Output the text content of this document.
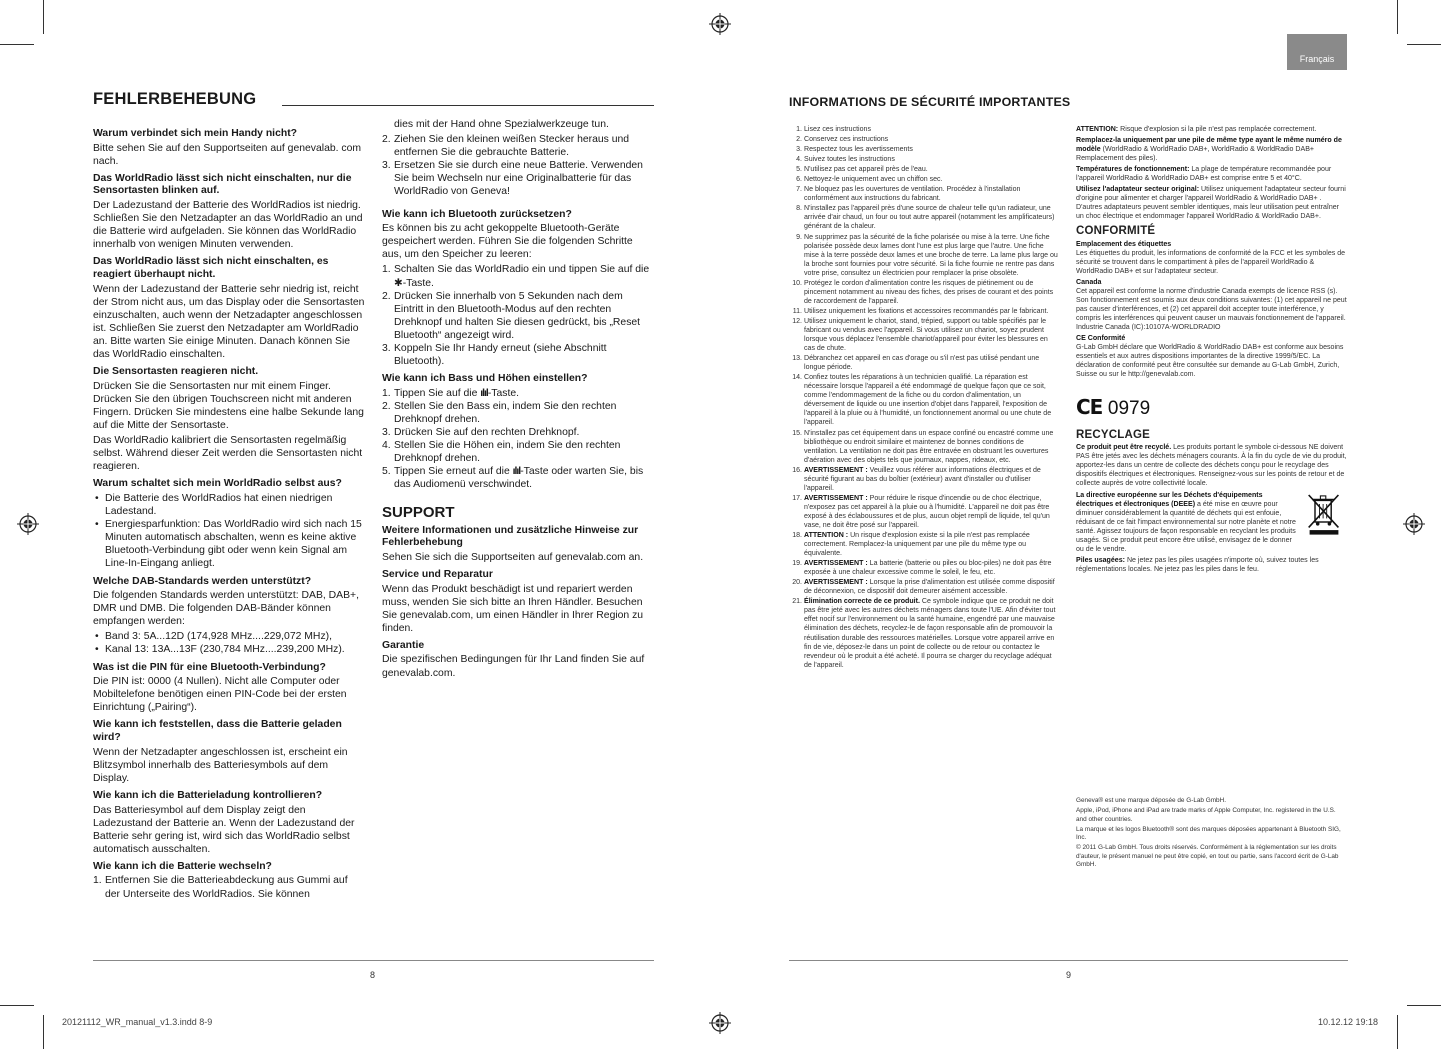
FEHLERBEHEBUNG
Warum verbindet sich mein Handy nicht?

Bitte sehen Sie auf den Supportseiten auf genevalab. com nach.

Das WorldRadio lässt sich nicht einschalten, nur die Sensortasten blinken auf.

Der Ladezustand der Batterie des WorldRadios ist niedrig. Schließen Sie den Netzadapter an das WorldRadio an und die Batterie wird aufgeladen. Sie können das WorldRadio innerhalb von wenigen Minuten verwenden.

Das WorldRadio lässt sich nicht einschalten, es reagiert überhaupt nicht.

Wenn der Ladezustand der Batterie sehr niedrig ist, reicht der Strom nicht aus, um das Display oder die Sensortasten einzuschalten, auch wenn der Netzadapter angeschlossen ist. Schließen Sie zuerst den Netzadapter am WorldRadio an. Bitte warten Sie einige Minuten. Danach können Sie das WorldRadio einschalten.

Die Sensortasten reagieren nicht.

Drücken Sie die Sensortasten nur mit einem Finger. Drücken Sie den übrigen Touchscreen nicht mit anderen Fingern. Drücken Sie mindestens eine halbe Sekunde lang auf die Mitte der Sensortaste.

Das WorldRadio kalibriert die Sensortasten regelmäßig selbst. Während dieser Zeit werden die Sensortasten nicht reagieren.

Warum schaltet sich mein WorldRadio selbst aus?
• Die Batterie des WorldRadios hat einen niedrigen Ladestand.
• Energiesparfunktion: Das WorldRadio wird sich nach 15 Minuten automatisch abschalten, wenn es keine aktive Bluetooth-Verbindung gibt oder wenn kein Signal am Line-In-Eingang anliegt.
Welche DAB-Standards werden unterstützt?

Die folgenden Standards werden unterstützt: DAB, DAB+, DMR und DMB. Die folgenden DAB-Bänder können empfangen werden:

• Band 3: 5A...12D (174,928 MHz....229,072 MHz),
• Kanal 13: 13A...13F (230,784 MHz....239,200 MHz).
Was ist die PIN für eine Bluetooth-Verbindung?

Die PIN ist: 0000 (4 Nullen). Nicht alle Computer oder Mobiltelefone benötigen einen PIN-Code bei der ersten Einrichtung („Pairing“).

Wie kann ich feststellen, dass die Batterie geladen wird?

Wenn der Netzadapter angeschlossen ist, erscheint ein Blitzsymbol innerhalb des Batteriesymbols auf dem Display.

Wie kann ich die Batterieladung kontrollieren?

Das Batteriesymbol auf dem Display zeigt den Ladezustand der Batterie an. Wenn der Ladezustand der Batterie sehr gering ist, wird sich das WorldRadio selbst automatisch ausschalten.

Wie kann ich die Batterie wechseln?
1. Entfernen Sie die Batterieabdeckung aus Gummi auf der Unterseite des WorldRadios. Sie können

dies mit der Hand ohne Spezialwerkzeuge tun.

2. Ziehen Sie den kleinen weißen Stecker heraus und entfernen Sie die gebrauchte Batterie.
3. Ersetzen Sie sie durch eine neue Batterie. Verwenden Sie beim Wechseln nur eine Originalbatterie für das WorldRadio von Geneva!
Wie kann ich Bluetooth zurücksetzen?

Es können bis zu acht gekoppelte Bluetooth-Geräte gespeichert werden. Führen Sie die folgenden Schritte aus, um den Speicher zu leeren:

1. Schalten Sie das WorldRadio ein und tippen Sie auf die ✱-Taste.
2. Drücken Sie innerhalb von 5 Sekunden nach dem Eintritt in den Bluetooth-Modus auf den rechten Drehknopf und halten Sie diesen gedrückt, bis „Reset Bluetooth“ angezeigt wird.
3. Koppeln Sie Ihr Handy erneut (siehe Abschnitt Bluetooth).
Wie kann ich Bass und Höhen einstellen?
1. Tippen Sie auf die ılıl-Taste.
2. Stellen Sie den Bass ein, indem Sie den rechten Drehknopf drehen.
3. Drücken Sie auf den rechten Drehknopf.
4. Stellen Sie die Höhen ein, indem Sie den rechten Drehknopf drehen.
5. Tippen Sie erneut auf die ılıl-Taste oder warten Sie, bis das Audiomenü verschwindet.
SUPPORT
Weitere Informationen und zusätzliche Hinweise zur Fehlerbehebung

Sehen Sie sich die Supportseiten auf genevalab.com an.

Service und Reparatur

Wenn das Produkt beschädigt ist und repariert werden muss, wenden Sie sich bitte an Ihren Händler. Besuchen Sie genevalab.com, um einen Händler in Ihrer Region zu finden.

Garantie

Die spezifischen Bedingungen für Ihr Land finden Sie auf genevalab.com.

8
Français
INFORMATIONS DE SÉCURITÉ IMPORTANTES
1. Lisez ces instructions
2. Conservez ces instructions
3. Respectez tous les avertissements
4. Suivez toutes les instructions
5. N'utilisez pas cet appareil près de l'eau.
6. Nettoyez-le uniquement avec un chiffon sec.
7. Ne bloquez pas les ouvertures de ventilation. Procédez à l'installation conformément aux instructions du fabricant.
8. N'installez pas l'appareil près d'une source de chaleur telle qu'un radiateur, une arrivée d'air chaud, un four ou tout autre appareil (notamment les amplificateurs) générant de la chaleur.
9. Ne supprimez pas la sécurité de la fiche polarisée ou mise à la terre. Une fiche polarisée possède deux lames dont l'une est plus large que l'autre. Une fiche mise à la terre possède deux lames et une broche de terre. La lame plus large ou la broche sont fournies pour votre sécurité. Si la fiche fournie ne rentre pas dans votre prise, consultez un électricien pour remplacer la prise obsolète.
10. Protégez le cordon d'alimentation contre les risques de piétinement ou de pincement notamment au niveau des fiches, des prises de courant et des points de raccordement de l'appareil.
11. Utilisez uniquement les fixations et accessoires recommandés par le fabricant.
12. Utilisez uniquement le chariot, stand, trépied, support ou table spécifiés par le fabricant ou vendus avec l'appareil. Si vous utilisez un chariot, soyez prudent lorsque vous déplacez l'ensemble chariot/appareil pour éviter les blessures en cas de chute.
13. Débranchez cet appareil en cas d'orage ou s'il n'est pas utilisé pendant une longue période.
14. Confiez toutes les réparations à un technicien qualifié. La réparation est nécessaire lorsque l'appareil a été endommagé de quelque façon que ce soit, comme l'endommagement de la fiche ou du cordon d'alimentation, un déversement de liquide ou une insertion d'objet dans l'appareil, l'exposition de l'appareil à la pluie ou à l'humidité, un fonctionnement anormal ou une chute de l'appareil.
15. N'installez pas cet équipement dans un espace confiné ou encastré comme une bibliothèque ou endroit similaire et maintenez de bonnes conditions de ventilation. La ventilation ne doit pas être entravée en obstruant les ouvertures d'aération avec des objets tels que journaux, nappes, rideaux, etc.
16. AVERTISSEMENT : Veuillez vous référer aux informations électriques et de sécurité figurant au bas du boîtier (extérieur) avant d'installer ou d'utiliser l'appareil.
17. AVERTISSEMENT : Pour réduire le risque d'incendie ou de choc électrique, n'exposez pas cet appareil à la pluie ou à l'humidité. L'appareil ne doit pas être exposé à des éclaboussures et de plus, aucun objet rempli de liquide, tel qu'un vase, ne doit être posé sur l'appareil.
18. ATTENTION : Un risque d'explosion existe si la pile n'est pas remplacée correctement. Remplacez-la uniquement par une pile du même type ou équivalente.
19. AVERTISSEMENT : La batterie (batterie ou piles ou bloc-piles) ne doit pas être exposée à une chaleur excessive comme le soleil, le feu, etc.
20. AVERTISSEMENT : Lorsque la prise d'alimentation est utilisée comme dispositif de déconnexion, ce dispositif doit demeurer aisément accessible.
21. Élimination correcte de ce produit. Ce symbole indique que ce produit ne doit pas être jeté avec les autres déchets ménagers dans toute l'UE. Afin d'éviter tout effet nocif sur l'environnement ou la santé humaine, engendré par une mauvaise élimination des déchets, recyclez-le de façon responsable afin de promouvoir la réutilisation durable des ressources matérielles. Lorsque votre appareil arrive en fin de vie, déposez-le dans un point de collecte ou de retour ou contactez le revendeur où le produit a été acheté. Il pourra se charger du recyclage adéquat de l'appareil.

ATTENTION: Risque d'explosion si la pile n'est pas remplacée correctement.

Remplacez-la uniquement par une pile de même type ayant le même numéro de modèle (WorldRadio & WorldRadio DAB+, WorldRadio & WorldRadio DAB+ Remplacement des piles).

Températures de fonctionnement: La plage de température recommandée pour l'appareil WorldRadio & WorldRadio DAB+ est comprise entre 5 et 40°C.

Utilisez l'adaptateur secteur original: Utilisez uniquement l'adaptateur secteur fourni d'origine pour alimenter et charger l'appareil WorldRadio & WorldRadio DAB+ . D'autres adaptateurs peuvent sembler identiques, mais leur utilisation peut entraîner un choc électrique et endommager l'appareil WorldRadio & WorldRadio DAB+.

CONFORMITÉ

Emplacement des étiquettes
Les étiquettes du produit, les informations de conformité de la FCC et les symboles de sécurité se trouvent dans le compartiment à piles de l'appareil WorldRadio & WorldRadio DAB+ et sur l'adaptateur secteur.

Canada
Cet appareil est conforme la norme d'industrie Canada exempts de licence RSS (s). Son fonctionnement est soumis aux deux conditions suivantes: (1) cet appareil ne peut pas causer d'interférences, et (2) cet appareil doit accepter toute interférence, y compris les interférences qui peuvent causer un mauvais fonctionnement de l'appareil.
Industrie Canada (IC):10107A-WORLDRADIO

CE Conformité
G-Lab GmbH déclare que WorldRadio & WorldRadio DAB+ est conforme aux besoins essentiels et aux autres dispositions importantes de la directive 1999/5/EC. La déclaration de conformité peut être consultée sur demande au G-Lab GmbH, Zurich, Suisse ou sur le http://genevalab.com.

CE 0979
RECYCLAGE

Ce produit peut être recyclé. Les produits portant le symbole ci-dessous NE doivent PAS être jetés avec les déchets ménagers courants. À la fin du cycle de vie du produit, apportez-les dans un centre de collecte des déchets conçu pour le recyclage des dispositifs électriques et électroniques. Renseignez-vous sur les points de retour et de collecte auprès de votre collectivité locale.

La directive européenne sur les Déchets d'équipements électriques et électroniques (DEEE) a été mise en œuvre pour diminuer considérablement la quantité de déchets qui est enfouie, réduisant de ce fait l'impact environnemental sur notre planète et notre santé. Agissez toujours de façon responsable en recyclant les produits usagés. Si ce produit peut encore être utilisé, envisagez de le donner ou de le vendre.

Piles usagées: Ne jetez pas les piles usagées n'importe où, suivez toutes les réglementations locales. Ne jetez pas les piles dans le feu.

Geneva® est une marque déposée de G-Lab GmbH.

Apple, iPod, iPhone and iPad are trade marks of Apple Computer, Inc. registered in the U.S. and other countries.

La marque et les logos Bluetooth® sont des marques déposées appartenant à Bluetooth SIG, Inc.

© 2011 G-Lab GmbH. Tous droits réservés. Conformément à la réglementation sur les droits d'auteur, le présent manuel ne peut être copié, en tout ou partie, sans l'accord écrit de G-Lab GmbH.

9
20121112_WR_manual_v1.3.indd 8-9	10.12.12 19:18
